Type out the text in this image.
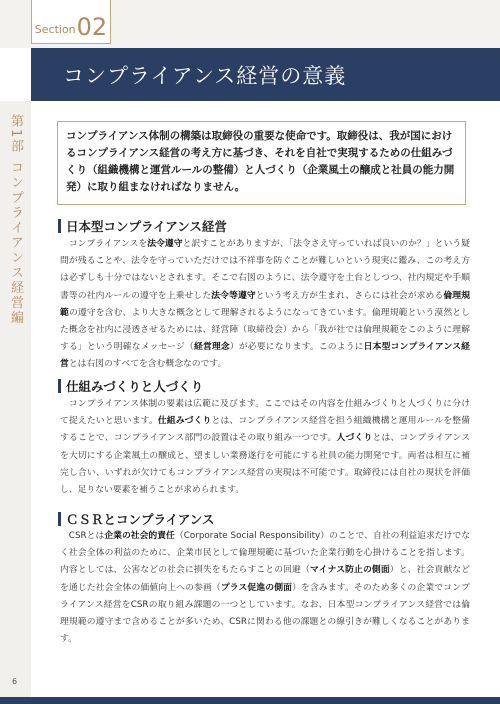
Section 02
コンプライアンス経営の意義
第1部 コンプライアンス経営編
6
コンプライアンス体制の構築は取締役の重要な使命です。取締役は、我が国におけるコンプライアンス経営の考え方に基づき、それを自社で実現するための仕組みづくり（組織機構と運営ルールの整備）と人づくり（企業風土の醸成と社員の能力開発）に取り組まなければなりません。
日本型コンプライアンス経営
コンプライアンスを法令遵守と訳すことがありますが、「法令さえ守っていれば良いのか？」という疑問が残ることや、法令を守っていただけでは不祥事を防ぐことが難しいという現実に鑑み、この考え方は必ずしも十分ではないとされます。そこで右図のように、法令遵守を土台としつつ、社内規定や手順書等の社内ルールの遵守を上乗せした法令等遵守という考え方が生まれ、さらには社会が求める倫理規範の遵守を含む、より大きな概念として理解されるようになってきています。倫理規範という漠然とした概念を社内に浸透させるためには、経営陣（取締役会）から「我が社では倫理規範をこのように理解する」という明確なメッセージ（経営理念）が必要になります。このように日本型コンプライアンス経営とは右図のすべてを含む概念なのです。
仕組みづくりと人づくり
コンプライアンス体制の要素は広範に及びます。ここではその内容を仕組みづくりと人づくりに分けて捉えたいと思います。仕組みづくりとは、コンプライアンス経営を担う組織機構と運用ルールを整備することで、コンプライアンス部門の設置はその取り組み一つです。人づくりとは、コンプライアンスを大切にする企業風土の醸成と、望ましい業務遂行を可能にする社員の能力開発です。両者は相互に補完し合い、いずれが欠けてもコンプライアンス経営の実現は不可能です。取締役には自社の現状を評価し、足りない要素を補うことが求められます。
ＣＳＲとコンプライアンス
CSRとは企業の社会的責任（Corporate Social Responsibility）のことで、自社の利益追求だけでなく社会全体の利益のために、企業市民として倫理規範に基づいた企業行動を心掛けることを指します。内容としては、公害などの社会に損失をもたらすことの回避（マイナス防止の側面）と、社会貢献などを通じた社会全体の価値向上への参画（プラス促進の側面）を含みます。そのため多くの企業でコンプライアンス経営をCSRの取り組み課題の一つとしています。なお、日本型コンプライアンス経営では倫理規範の遵守まで含めることが多いため、CSRに関わる他の課題との線引きが難しくなることがあります。
